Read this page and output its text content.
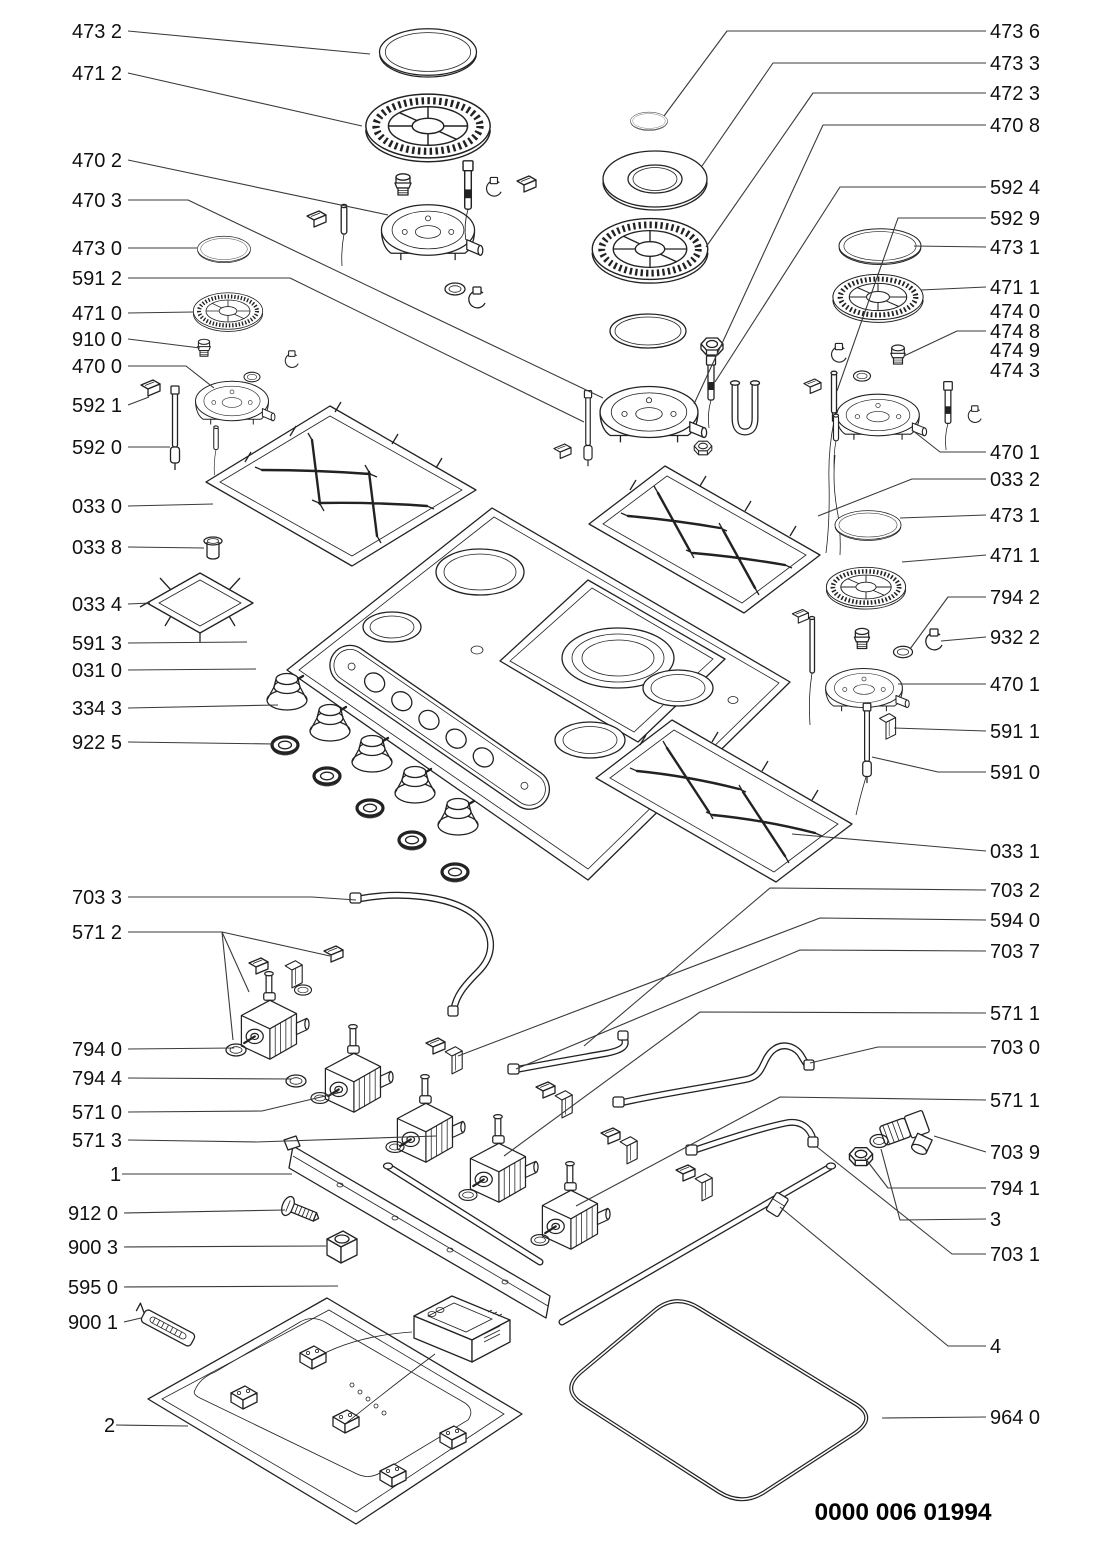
473 2
471 2
470 2
470 3
473 0
591 2
471 0
910 0
470 0
592 1
592 0
033 0
033 8
033 4
591 3
031 0
334 3
922 5
703 3
571 2
794 0
794 4
571 0
571 3
1
912 0
900 3
595 0
900 1
2
473 6
473 3
472 3
470 8
592 4
592 9
473 1
471 1
474 0
474 8
474 9
474 3
470 1
033 2
473 1
471 1
794 2
932 2
470 1
591 1
591 0
033 1
703 2
594 0
703 7
571 1
703 0
571 1
703 9
794 1
3
703 1
4
964 0
0000 006 01994
